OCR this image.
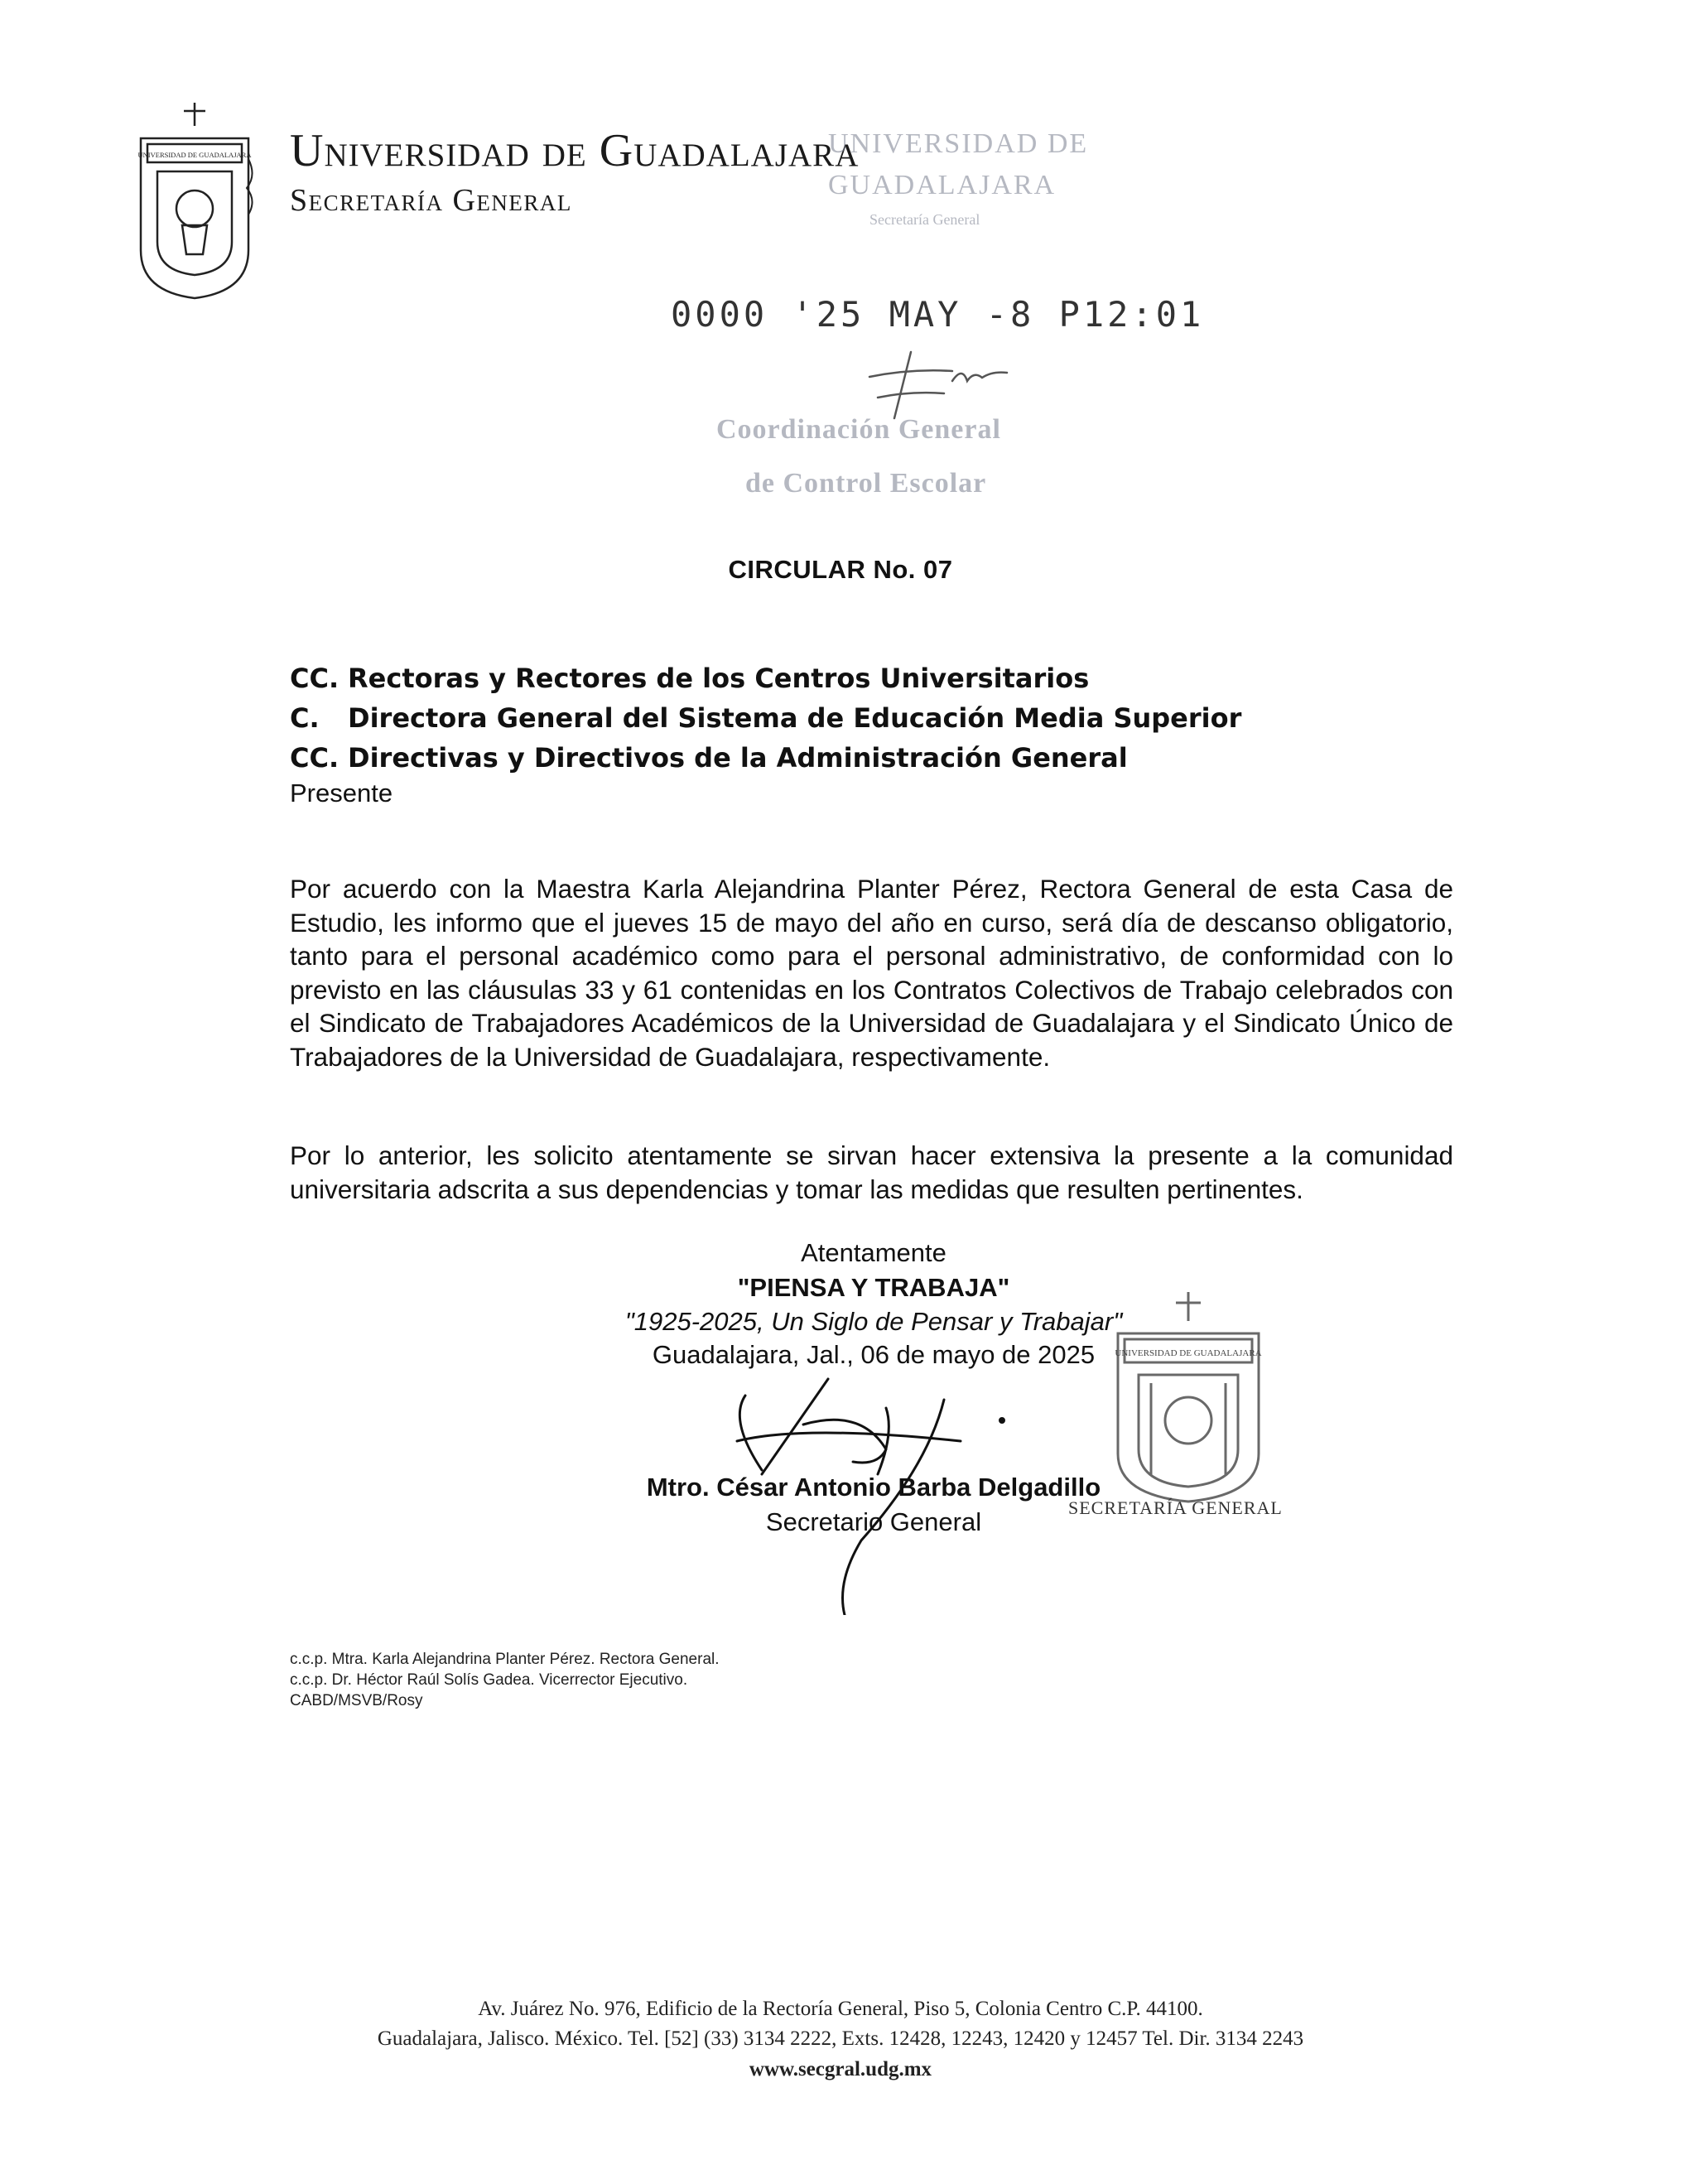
UNIVERSIDAD DE GUADALAJARA Universidad de Guadalajara
Secretaría General
UNIVERSIDAD DE
GUADALAJARA
Secretaría General
0000 '25 MAY -8 P12:01
Coordinación General
de Control Escolar
CIRCULAR No. 07
CC. Rectoras y Rectores de los Centros Universitarios
C. Directora General del Sistema de Educación Media Superior
CC. Directivas y Directivos de la Administración General
Presente
Por acuerdo con la Maestra Karla Alejandrina Planter Pérez, Rectora General de esta Casa de Estudio, les informo que el jueves 15 de mayo del año en curso, será día de descanso obligatorio, tanto para el personal académico como para el personal administrativo, de conformidad con lo previsto en las cláusulas 33 y 61 contenidas en los Contratos Colectivos de Trabajo celebrados con el Sindicato de Trabajadores Académicos de la Universidad de Guadalajara y el Sindicato Único de Trabajadores de la Universidad de Guadalajara, respectivamente.
Por lo anterior, les solicito atentamente se sirvan hacer extensiva la presente a la comunidad universitaria adscrita a sus dependencias y tomar las medidas que resulten pertinentes.
Atentamente
"PIENSA Y TRABAJA"
"1925-2025, Un Siglo de Pensar y Trabajar"
Guadalajara, Jal., 06 de mayo de 2025	UNIVERSIDAD DE GUADALAJARA
SECRETARÍA GENERAL
Mtro. César Antonio Barba Delgadillo
Secretario General
c.c.p. Mtra. Karla Alejandrina Planter Pérez. Rectora General.
c.c.p. Dr. Héctor Raúl Solís Gadea. Vicerrector Ejecutivo.
CABD/MSVB/Rosy
Av. Juárez No. 976, Edificio de la Rectoría General, Piso 5, Colonia Centro C.P. 44100.
Guadalajara, Jalisco. México. Tel. [52] (33) 3134 2222, Exts. 12428, 12243, 12420 y 12457 Tel. Dir. 3134 2243
www.secgral.udg.mx
